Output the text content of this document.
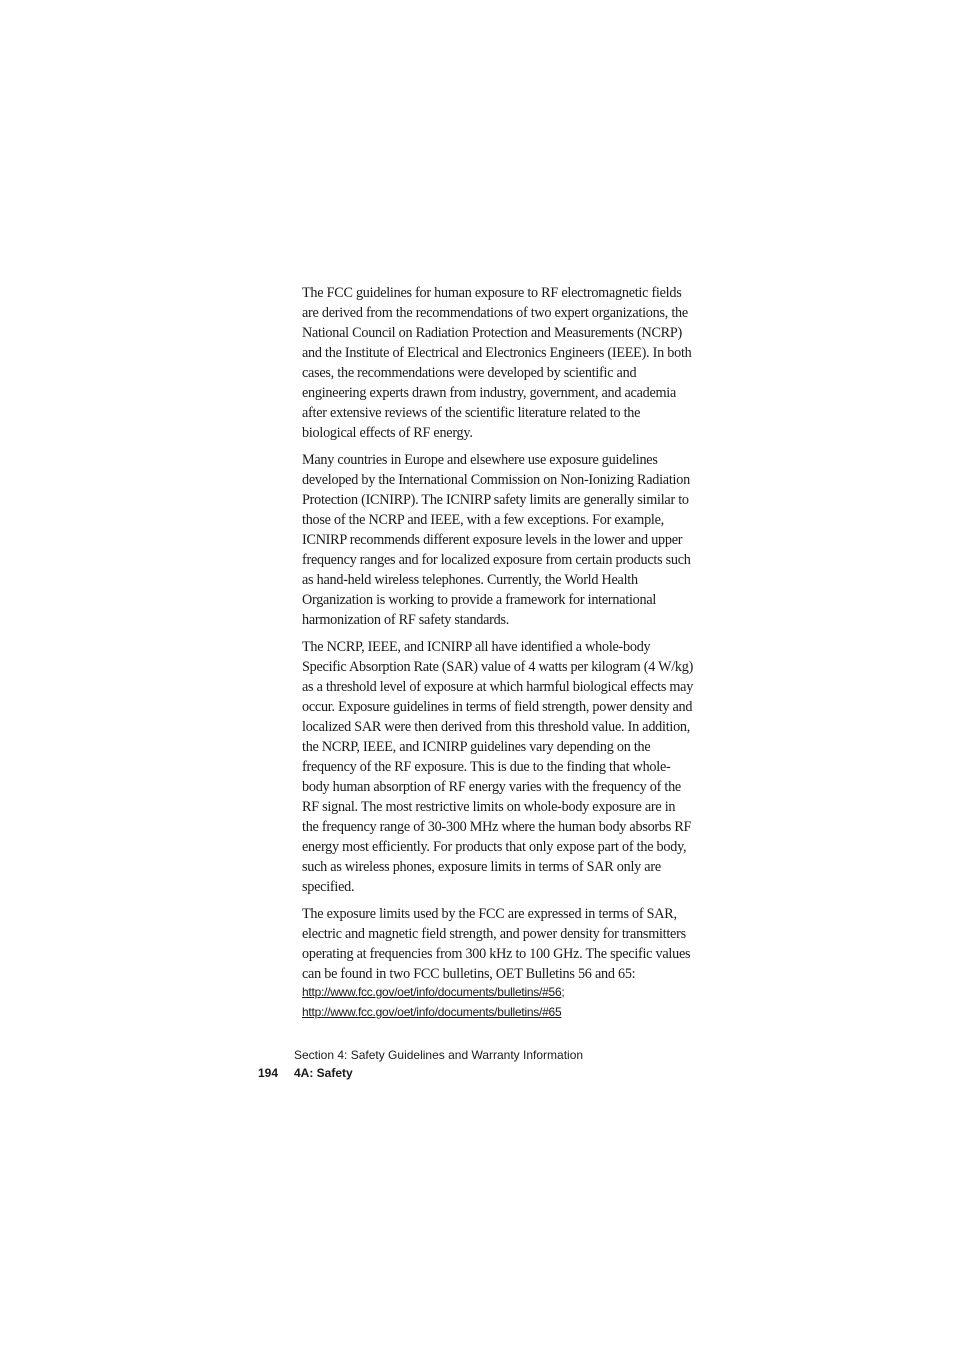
The FCC guidelines for human exposure to RF electromagnetic fields are derived from the recommendations of two expert organizations, the National Council on Radiation Protection and Measurements (NCRP) and the Institute of Electrical and Electronics Engineers (IEEE). In both cases, the recommendations were developed by scientific and engineering experts drawn from industry, government, and academia after extensive reviews of the scientific literature related to the biological effects of RF energy.

Many countries in Europe and elsewhere use exposure guidelines developed by the International Commission on Non-Ionizing Radiation Protection (ICNIRP). The ICNIRP safety limits are generally similar to those of the NCRP and IEEE, with a few exceptions. For example, ICNIRP recommends different exposure levels in the lower and upper frequency ranges and for localized exposure from certain products such as hand-held wireless telephones. Currently, the World Health Organization is working to provide a framework for international harmonization of RF safety standards.

The NCRP, IEEE, and ICNIRP all have identified a whole-body Specific Absorption Rate (SAR) value of 4 watts per kilogram (4 W/kg) as a threshold level of exposure at which harmful biological effects may occur. Exposure guidelines in terms of field strength, power density and localized SAR were then derived from this threshold value. In addition, the NCRP, IEEE, and ICNIRP guidelines vary depending on the frequency of the RF exposure. This is due to the finding that whole-body human absorption of RF energy varies with the frequency of the RF signal. The most restrictive limits on whole-body exposure are in the frequency range of 30-300 MHz where the human body absorbs RF energy most efficiently. For products that only expose part of the body, such as wireless phones, exposure limits in terms of SAR only are specified.

The exposure limits used by the FCC are expressed in terms of SAR, electric and magnetic field strength, and power density for transmitters operating at frequencies from 300 kHz to 100 GHz. The specific values can be found in two FCC bulletins, OET Bulletins 56 and 65:

http://www.fcc.gov/oet/info/documents/bulletins/#56;
http://www.fcc.gov/oet/info/documents/bulletins/#65
Section 4: Safety Guidelines and Warranty Information
194 4A: Safety
